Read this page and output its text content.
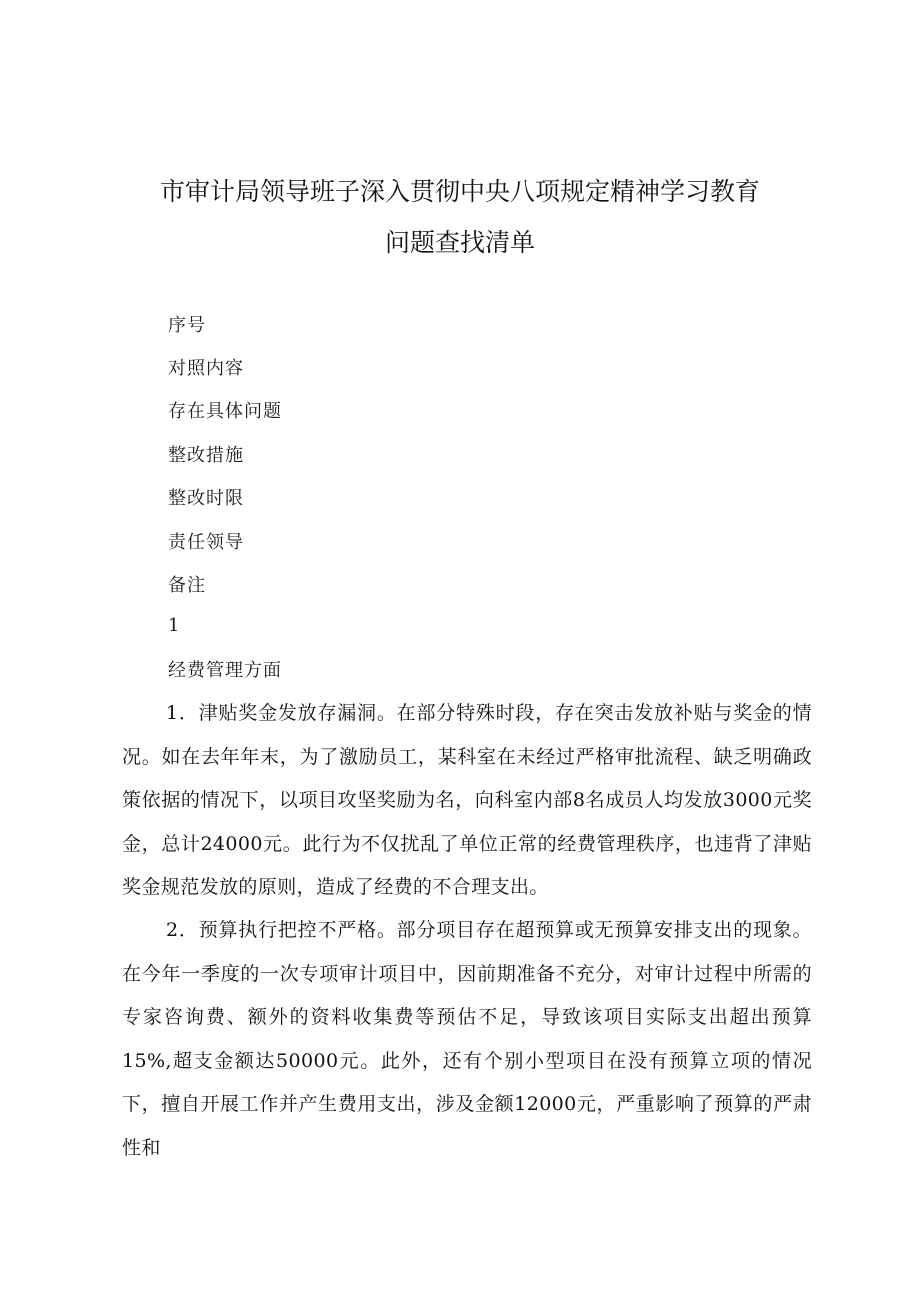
市审计局领导班子深入贯彻中央八项规定精神学习教育
问题查找清单
序号
对照内容
存在具体问题
整改措施
整改时限
责任领导
备注
1
经费管理方面
1．津贴奖金发放存漏洞。在部分特殊时段，存在突击发放补贴与奖金的情况。如在去年年末，为了激励员工，某科室在未经过严格审批流程、缺乏明确政策依据的情况下，以项目攻坚奖励为名，向科室内部8名成员人均发放3000元奖金，总计24000元。此行为不仅扰乱了单位正常的经费管理秩序，也违背了津贴奖金规范发放的原则，造成了经费的不合理支出。
2．预算执行把控不严格。部分项目存在超预算或无预算安排支出的现象。在今年一季度的一次专项审计项目中，因前期准备不充分，对审计过程中所需的专家咨询费、额外的资料收集费等预估不足，导致该项目实际支出超出预算15%,超支金额达50000元。此外，还有个别小型项目在没有预算立项的情况下，擅自开展工作并产生费用支出，涉及金额12000元，严重影响了预算的严肃性和
